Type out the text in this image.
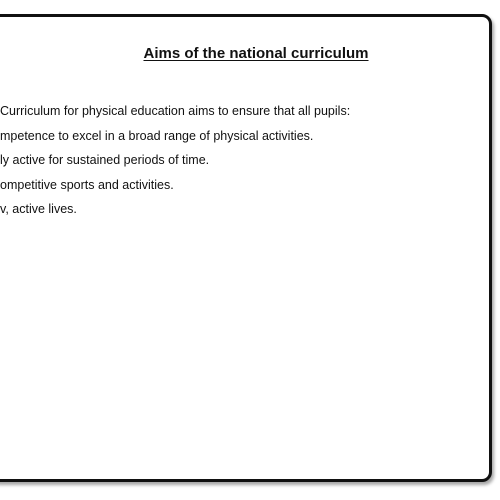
Aims of the national curriculum
Curriculum for physical education aims to ensure that all pupils:
mpetence to excel in a broad range of physical activities.
ly active for sustained periods of time.
ompetitive sports and activities.
v, active lives.
